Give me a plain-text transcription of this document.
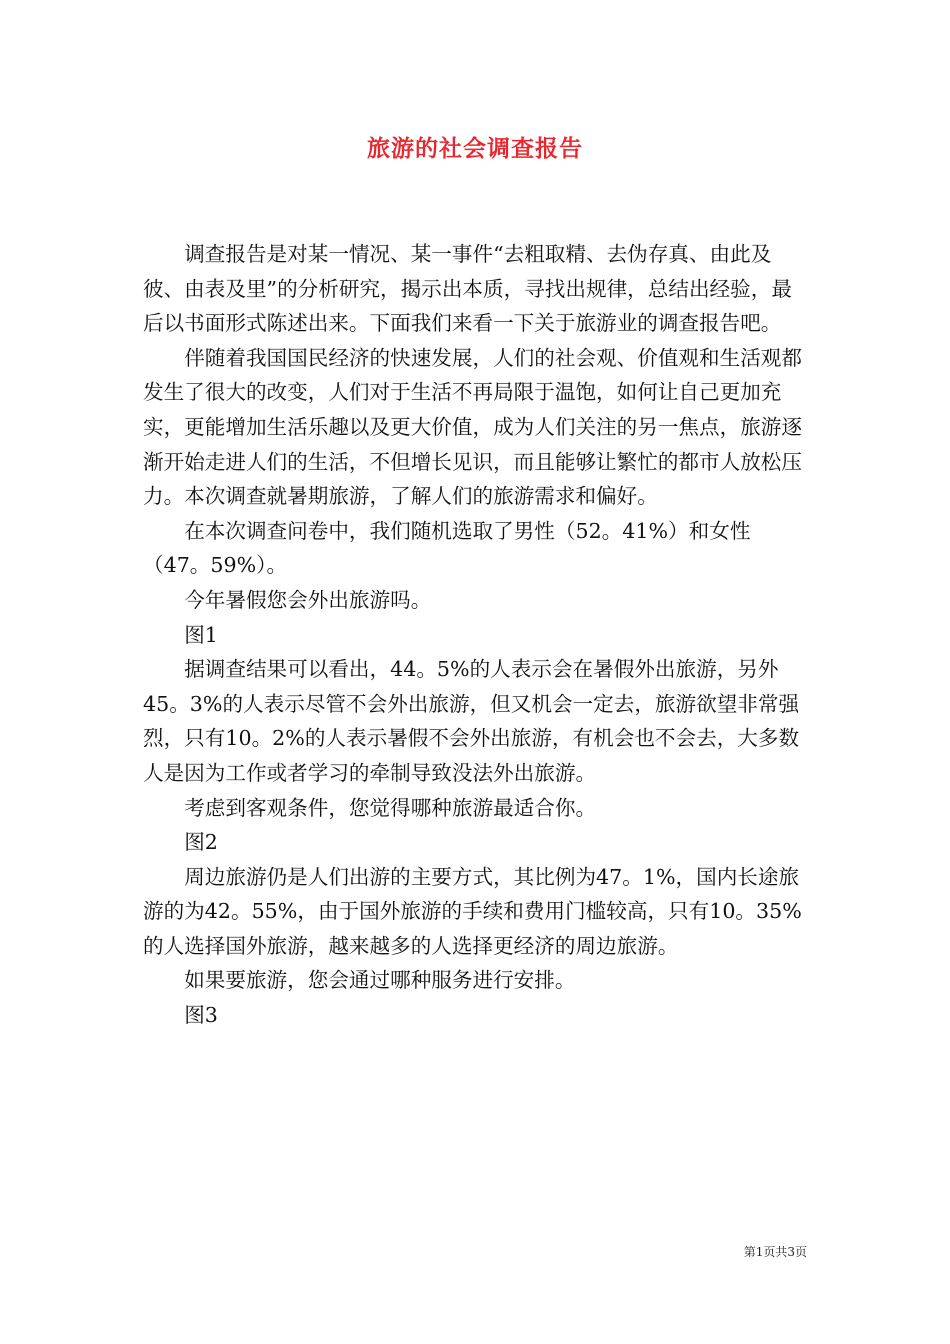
旅游的社会调查报告

调查报告是对某一情况、某一事件“去粗取精、去伪存真、由此及彼、由表及里”的分析研究，揭示出本质，寻找出规律，总结出经验，最后以书面形式陈述出来。下面我们来看一下关于旅游业的调查报告吧。

伴随着我国国民经济的快速发展，人们的社会观、价值观和生活观都发生了很大的改变，人们对于生活不再局限于温饱，如何让自己更加充实，更能增加生活乐趣以及更大价值，成为人们关注的另一焦点，旅游逐渐开始走进人们的生活，不但增长见识，而且能够让繁忙的都市人放松压力。本次调查就暑期旅游，了解人们的旅游需求和偏好。

在本次调查问卷中，我们随机选取了男性（52。41%）和女性（47。59%）。

今年暑假您会外出旅游吗。

图1

据调查结果可以看出，44。5%的人表示会在暑假外出旅游，另外45。3%的人表示尽管不会外出旅游，但又机会一定去，旅游欲望非常强烈，只有10。2%的人表示暑假不会外出旅游，有机会也不会去，大多数人是因为工作或者学习的牵制导致没法外出旅游。

考虑到客观条件，您觉得哪种旅游最适合你。

图2

周边旅游仍是人们出游的主要方式，其比例为47。1%，国内长途旅游的为42。55%，由于国外旅游的手续和费用门槛较高，只有10。35%的人选择国外旅游，越来越多的人选择更经济的周边旅游。

如果要旅游，您会通过哪种服务进行安排。

图3

第1页共3页
